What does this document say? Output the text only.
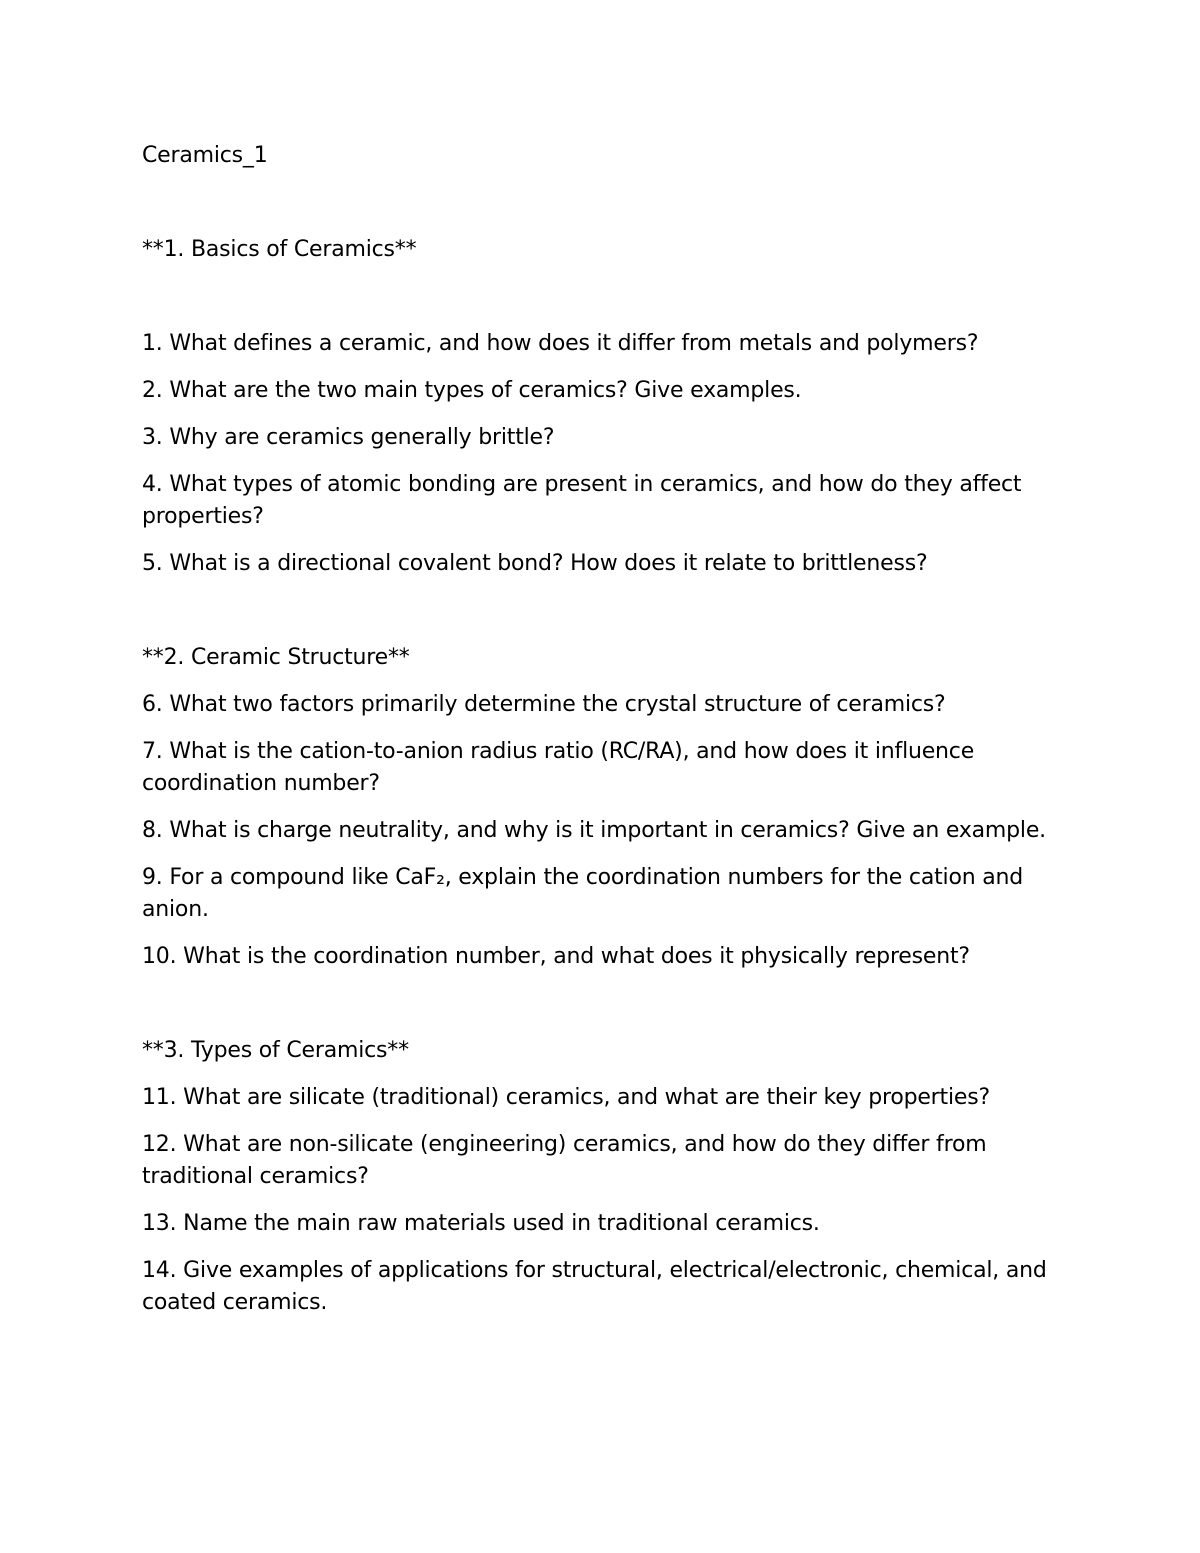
Ceramics_1

**1. Basics of Ceramics**

1. What defines a ceramic, and how does it differ from metals and polymers?

2. What are the two main types of ceramics? Give examples.

3. Why are ceramics generally brittle?

4. What types of atomic bonding are present in ceramics, and how do they affect properties?

5. What is a directional covalent bond? How does it relate to brittleness?

**2. Ceramic Structure**

6. What two factors primarily determine the crystal structure of ceramics?

7. What is the cation-to-anion radius ratio (RC/RA), and how does it influence coordination number?

8. What is charge neutrality, and why is it important in ceramics? Give an example.

9. For a compound like CaF₂, explain the coordination numbers for the cation and anion.

10. What is the coordination number, and what does it physically represent?

**3. Types of Ceramics**

11. What are silicate (traditional) ceramics, and what are their key properties?

12. What are non-silicate (engineering) ceramics, and how do they differ from traditional ceramics?

13. Name the main raw materials used in traditional ceramics.

14. Give examples of applications for structural, electrical/electronic, chemical, and coated ceramics.
